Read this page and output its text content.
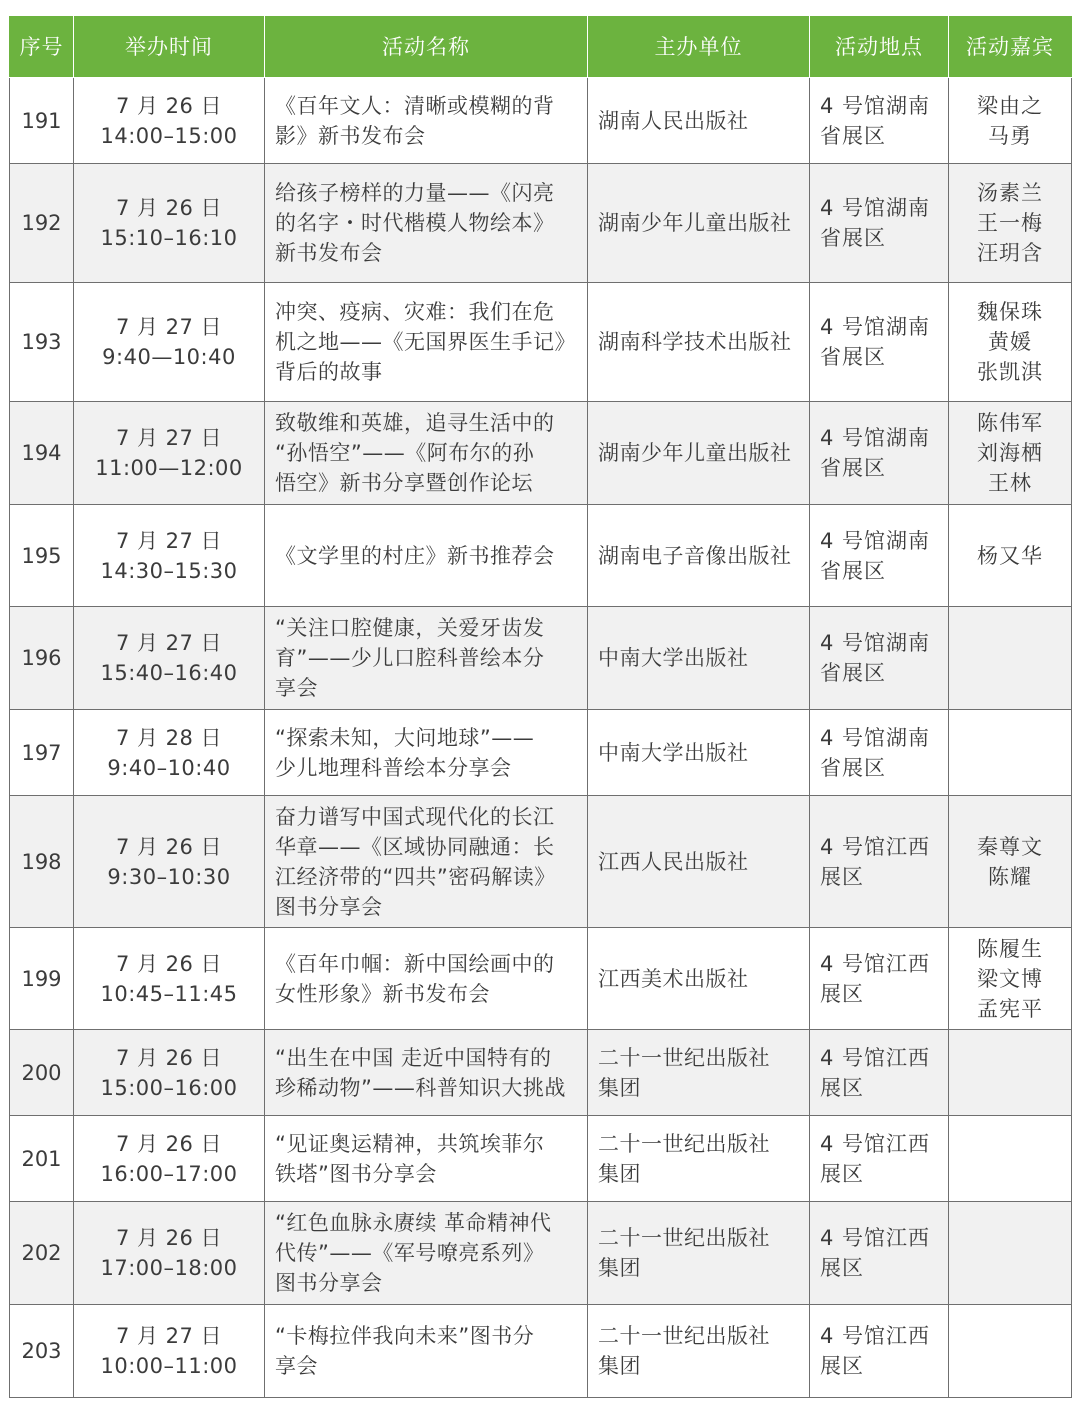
序号	举办时间	活动名称	主办单位	活动地点	活动嘉宾
191	7 月 26 日
14:00–15:00	《百年文人：清晰或模糊的背
影》新书发布会	湖南人民出版社	4 号馆湖南
省展区	梁由之
马勇

192	7 月 26 日
15:10–16:10	给孩子榜样的力量——《闪亮
的名字・时代楷模人物绘本》
新书发布会	湖南少年儿童出版社	4 号馆湖南
省展区	汤素兰
王一梅
汪玥含

193	7 月 27 日
9:40—10:40	冲突、疫病、灾难：我们在危
机之地——《无国界医生手记》
背后的故事	湖南科学技术出版社	4 号馆湖南
省展区	魏保珠
黄媛
张凯淇

194	7 月 27 日
11:00—12:00	致敬维和英雄，追寻生活中的
“孙悟空”——《阿布尔的孙
悟空》新书分享暨创作论坛	湖南少年儿童出版社	4 号馆湖南
省展区	陈伟军
刘海栖
王林

195	7 月 27 日
14:30–15:30	《文学里的村庄》新书推荐会	湖南电子音像出版社	4 号馆湖南
省展区	杨又华

196	7 月 27 日
15:40–16:40	“关注口腔健康，关爱牙齿发
育”——少儿口腔科普绘本分
享会	中南大学出版社	4 号馆湖南
省展区	

197	7 月 28 日
9:40–10:40	“探索未知，大问地球”——
少儿地理科普绘本分享会	中南大学出版社	4 号馆湖南
省展区	

198	7 月 26 日
9:30–10:30	奋力谱写中国式现代化的长江
华章——《区域协同融通：长
江经济带的“四共”密码解读》
图书分享会	江西人民出版社	4 号馆江西
展区	秦尊文
陈耀

199	7 月 26 日
10:45–11:45	《百年巾帼：新中国绘画中的
女性形象》新书发布会	江西美术出版社	4 号馆江西
展区	陈履生
梁文博
孟宪平

200	7 月 26 日
15:00–16:00	“出生在中国 走近中国特有的
珍稀动物”——科普知识大挑战	二十一世纪出版社
集团	4 号馆江西
展区	

201	7 月 26 日
16:00–17:00	“见证奥运精神，共筑埃菲尔
铁塔”图书分享会	二十一世纪出版社
集团	4 号馆江西
展区	

202	7 月 26 日
17:00–18:00	“红色血脉永赓续 革命精神代
代传”——《军号嘹亮系列》
图书分享会	二十一世纪出版社
集团	4 号馆江西
展区	

203	7 月 27 日
10:00–11:00	“卡梅拉伴我向未来”图书分
享会	二十一世纪出版社
集团	4 号馆江西
展区	
